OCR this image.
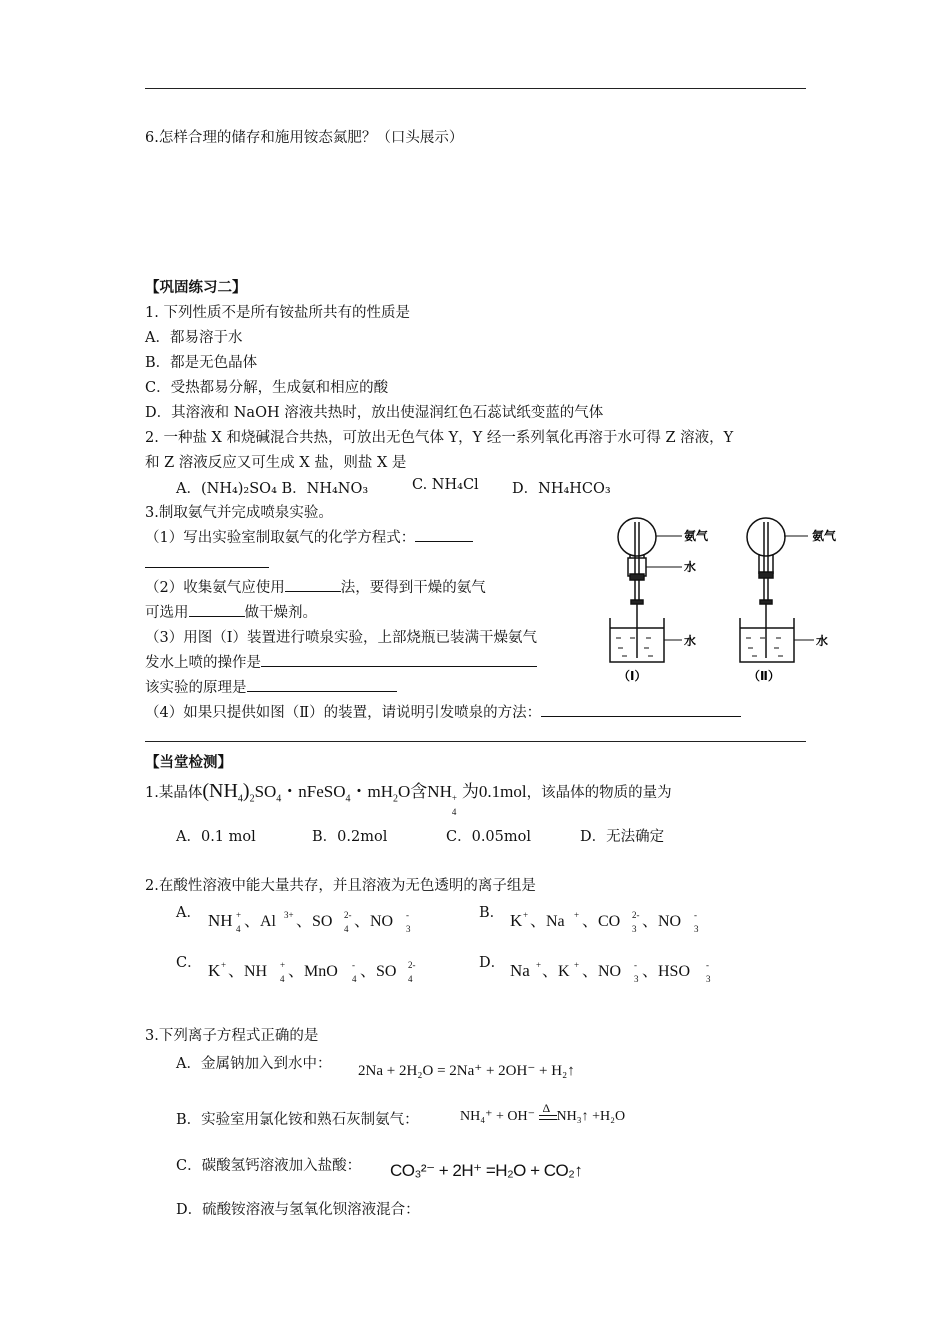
6.怎样合理的储存和施用铵态氮肥？（口头展示）
【巩固练习二】
1. 下列性质不是所有铵盐所共有的性质是
A．都易溶于水
B．都是无色晶体
C．受热都易分解，生成氨和相应的酸
D．其溶液和 NaOH 溶液共热时，放出使湿润红色石蕊试纸变蓝的气体
2. 一种盐 X 和烧碱混合共热，可放出无色气体 Y，Y 经一系列氧化再溶于水可得 Z 溶液，Y
和 Z 溶液反应又可生成 X 盐，则盐 X 是
A．(NH₄)₂SO₄ B．NH₄NO₃	C. NH₄Cl D．NH₄HCO₃
3.制取氨气并完成喷泉实验。
（1）写出实验室制取氨气的化学方程式：
（2）收集氨气应使用	法，要得到干燥的氨气
可选用	做干燥剂。
（3）用图（Ⅰ）装置进行喷泉实验，上部烧瓶已装满干燥氨气
发水上喷的操作是
该实验的原理是
（4）如果只提供如图（Ⅱ）的装置，请说明引发喷泉的方法：
氨气
水
水
氨气
水
（Ⅰ）	（Ⅱ）
【当堂检测】
1.某晶体$(NH_4)_2SO_4$・nFeSO$_4$・$mH_2O$含NH +
4
为0.1mol，该晶体的物质的量为
A．0.1 mol	B．0.2mol	C．0.05mol	D．无法确定
2.在酸性溶液中能大量共存，并且溶液为无色透明的离子组是
A．	B．
C．	D．
NH +
4 、Al 3+ 、SO 2-
4 、NO -
3	K + 、Na + 、CO 2-
3 、NO -
3
K + 、NH +
4 、MnO -
4 、SO 2-
4	Na + 、K + 、NO -
3 、HSO -
3
3.下列离子方程式正确的是
A．金属钠加入到水中： 2Na + 2H₂O = 2Na⁺ + 2OH⁻ + H₂↑
B．实验室用氯化铵和熟石灰制氨气：	NH₄⁺ + OH⁻
Δ
NH₃↑ +H₂O
C．碳酸氢钙溶液加入盐酸： CO₃²⁻ + 2H⁺ =H₂O + CO₂↑
D．硫酸铵溶液与氢氧化钡溶液混合：
